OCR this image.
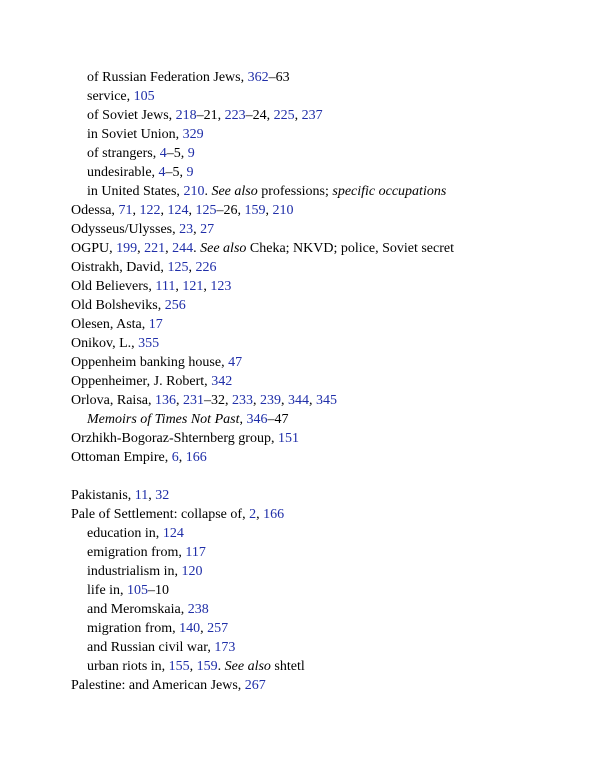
of Russian Federation Jews, 362–63
service, 105
of Soviet Jews, 218–21, 223–24, 225, 237
in Soviet Union, 329
of strangers, 4–5, 9
undesirable, 4–5, 9
in United States, 210. See also professions; specific occupations
Odessa, 71, 122, 124, 125–26, 159, 210
Odysseus/Ulysses, 23, 27
OGPU, 199, 221, 244. See also Cheka; NKVD; police, Soviet secret
Oistrakh, David, 125, 226
Old Believers, 111, 121, 123
Old Bolsheviks, 256
Olesen, Asta, 17
Onikov, L., 355
Oppenheim banking house, 47
Oppenheimer, J. Robert, 342
Orlova, Raisa, 136, 231–32, 233, 239, 344, 345
Memoirs of Times Not Past, 346–47
Orzhikh-Bogoraz-Shternberg group, 151
Ottoman Empire, 6, 166
Pakistanis, 11, 32
Pale of Settlement: collapse of, 2, 166
education in, 124
emigration from, 117
industrialism in, 120
life in, 105–10
and Meromskaia, 238
migration from, 140, 257
and Russian civil war, 173
urban riots in, 155, 159. See also shtetl
Palestine: and American Jews, 267
